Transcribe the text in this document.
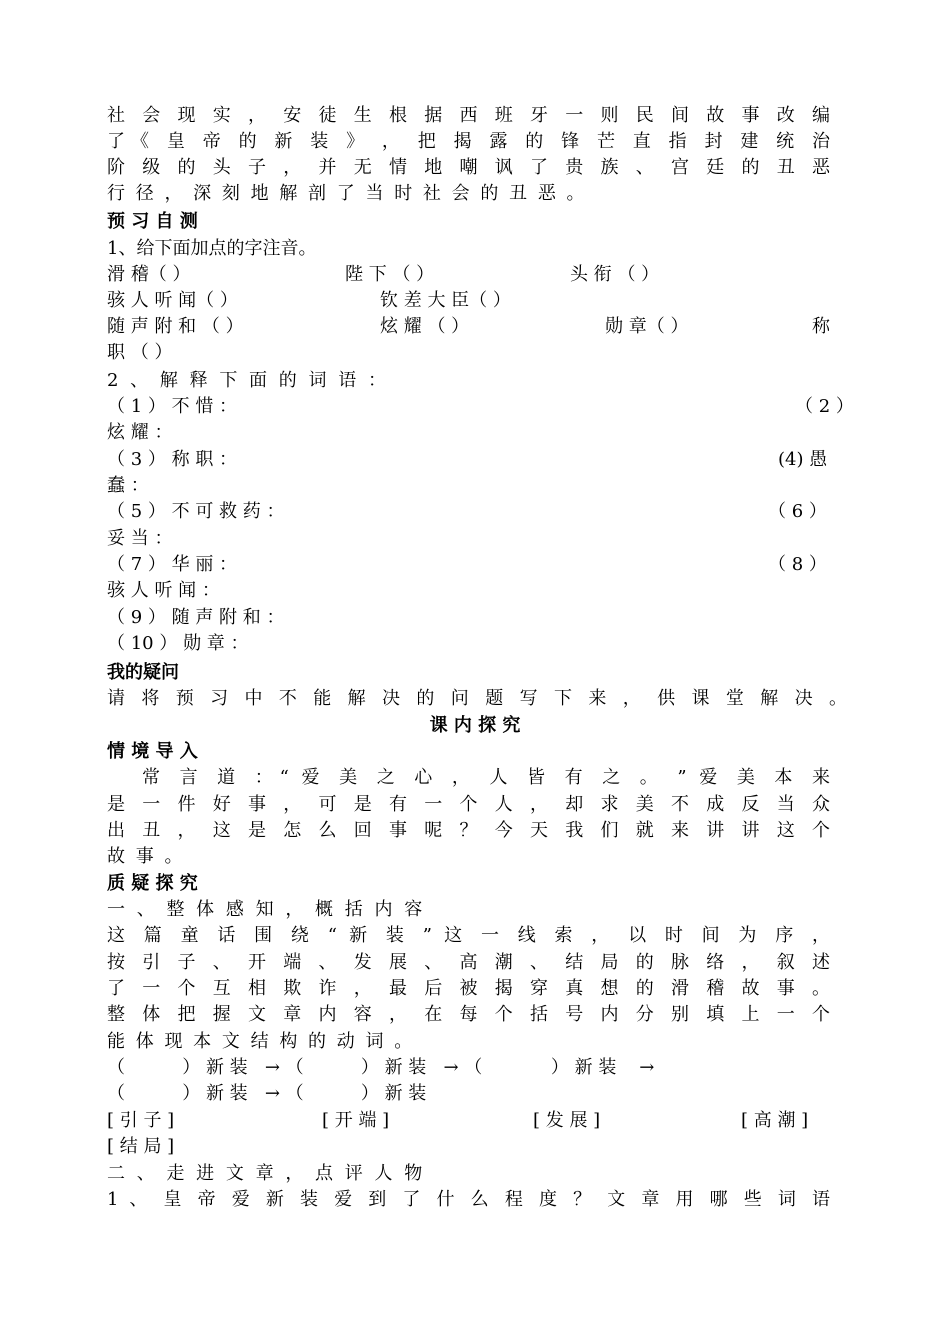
社 会 现 实 ， 安 徒 生 根 据 西 班 牙 一 则 民 间 故 事 改 编
了《 皇 帝 的 新 装 》 ， 把 揭 露 的 锋 芒 直 指 封 建 统 治
阶 级 的 头 子 ， 并 无 情 地 嘲 讽 了 贵 族 、 宫 廷 的 丑 恶
行 径 ， 深 刻 地 解 剖 了 当 时 社 会 的 丑 恶 。
预 习 自 测
1、给下面加点的字注音。
滑 稽（ ）	陛 下 （ ）	头 衔 （ ）
骇 人 听 闻（ ）	钦 差 大 臣（ ）
随 声 附 和 （ ）	炫 耀 （ ）	勋 章（ ）	称
职 （ ）
2 、 解 释 下 面 的 词 语 ：
（ 1 ） 不 惜 ：	（ 2 ）
炫 耀 ：
（ 3 ） 称 职 ：	(4) 愚
蠢 ：
（ 5 ） 不 可 救 药 ：	（ 6 ）
妥 当 ：
（ 7 ） 华 丽 ：	（ 8 ）
骇 人 听 闻 ：
（ 9 ） 随 声 附 和 ：
（ 10 ） 勋 章 ：
我的疑问
请 将 预 习 中 不 能 解 决 的 问 题 写 下 来 ， 供 课 堂 解 决 。
课 内 探 究
情 境 导 入
常 言 道 ：“ 爱 美 之 心 ， 人 皆 有 之 。 ” 爱 美 本 来
是 一 件 好 事 ， 可 是 有 一 个 人 ， 却 求 美 不 成 反 当 众
出 丑 ， 这 是 怎 么 回 事 呢 ？ 今 天 我 们 就 来 讲 讲 这 个
故 事 。
质 疑 探 究
一 、 整 体 感 知 ， 概 括 内 容
这 篇 童 话 围 绕 “ 新 装 ” 这 一 线 索 ， 以 时 间 为 序 ，
按 引 子 、 开 端 、 发 展 、 高 潮 、 结 局 的 脉 络 ， 叙 述
了 一 个 互 相 欺 诈 ， 最 后 被 揭 穿 真 想 的 滑 稽 故 事 。
整 体 把 握 文 章 内 容 ， 在 每 个 括 号 内 分 别 填 上 一 个
能 体 现 本 文 结 构 的 动 词 。
（          ） 新 装   → （          ） 新 装   → （            ） 新 装    →
（          ） 新 装   → （          ） 新 装
[ 引 子 ]	[ 开 端 ]	[ 发 展 ]	[ 高 潮 ]
[ 结 局 ]
二 、 走 进 文 章 ， 点 评 人 物
1 、 皇 帝 爱 新 装 爱 到 了 什 么 程 度 ？ 文 章 用 哪 些 词 语
